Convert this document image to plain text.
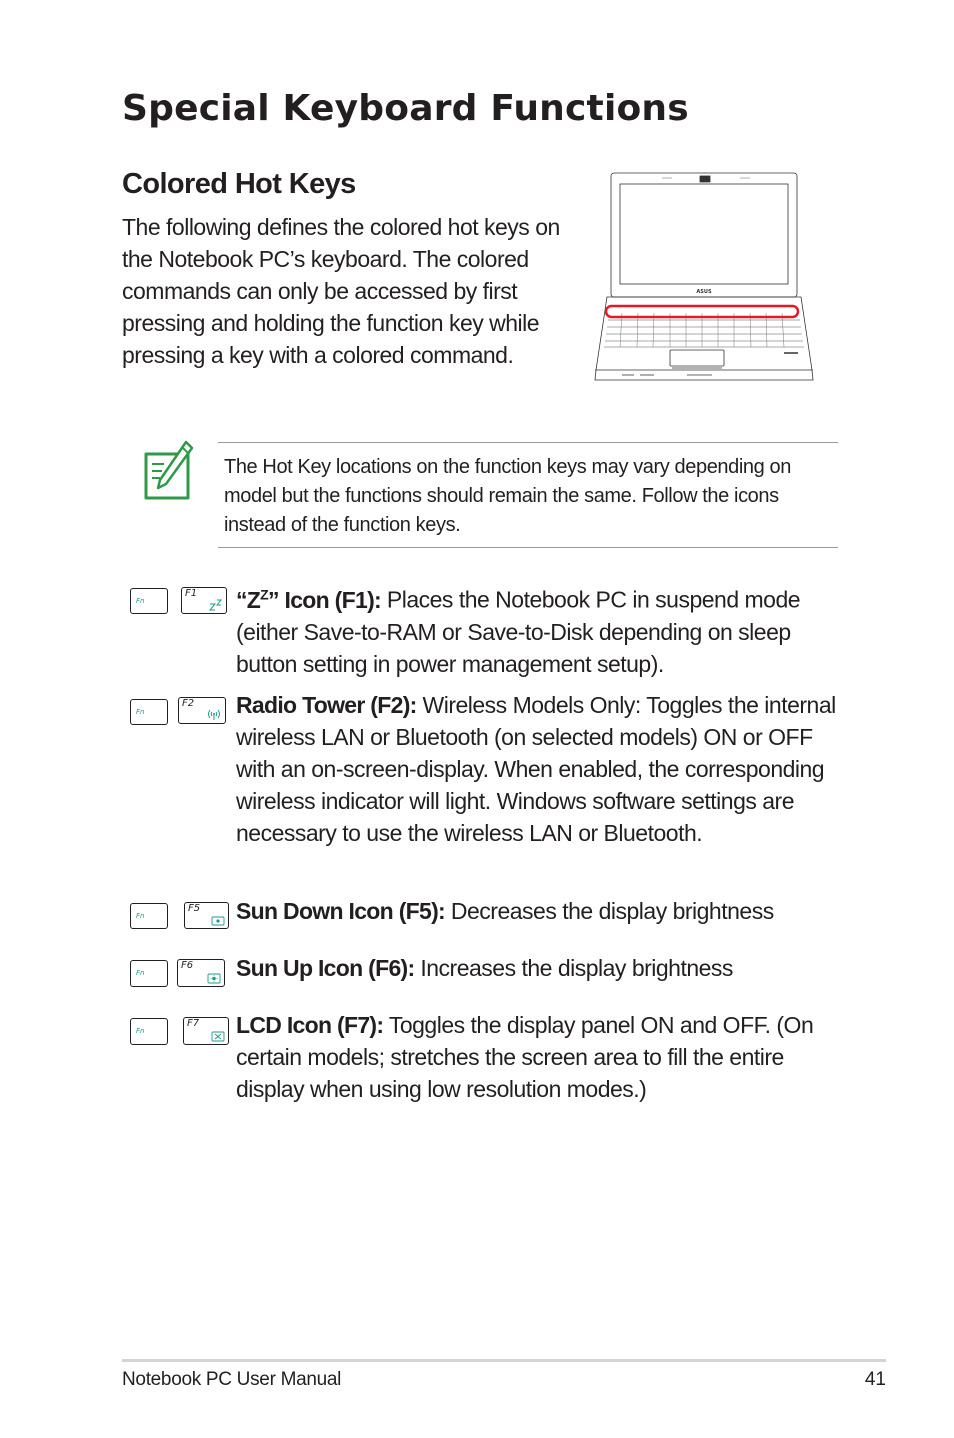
Special Keyboard Functions
Colored Hot Keys

The following defines the colored hot keys on the Notebook PC’s keyboard. The colored commands can only be accessed by first pressing and holding the function key while pressing a key with a colored command.

ASUS

The Hot Key locations on the function keys may vary depending on model but the functions should remain the same. Follow the icons instead of the function keys.

Fn
F1 “$Z^Z$” Icon (F1): Places the Notebook PC in suspend mode (either Save-to-RAM or Save-to-Disk depending on sleep button setting in power management setup).

Fn
F2 Radio Tower (F2): Wireless Models Only: Toggles the internal wireless LAN or Bluetooth (on selected models) ON or OFF with an on-screen-display. When enabled, the corresponding wireless indicator will light. Windows software settings are necessary to use the wireless LAN or Bluetooth.

Fn
F5 Sun Down Icon (F5): Decreases the display brightness

Fn
F6 Sun Up Icon (F6): Increases the display brightness

Fn
F7 LCD Icon (F7): Toggles the display panel ON and OFF. (On certain models; stretches the screen area to fill the entire display when using low resolution modes.)

Notebook PC User Manual	41
